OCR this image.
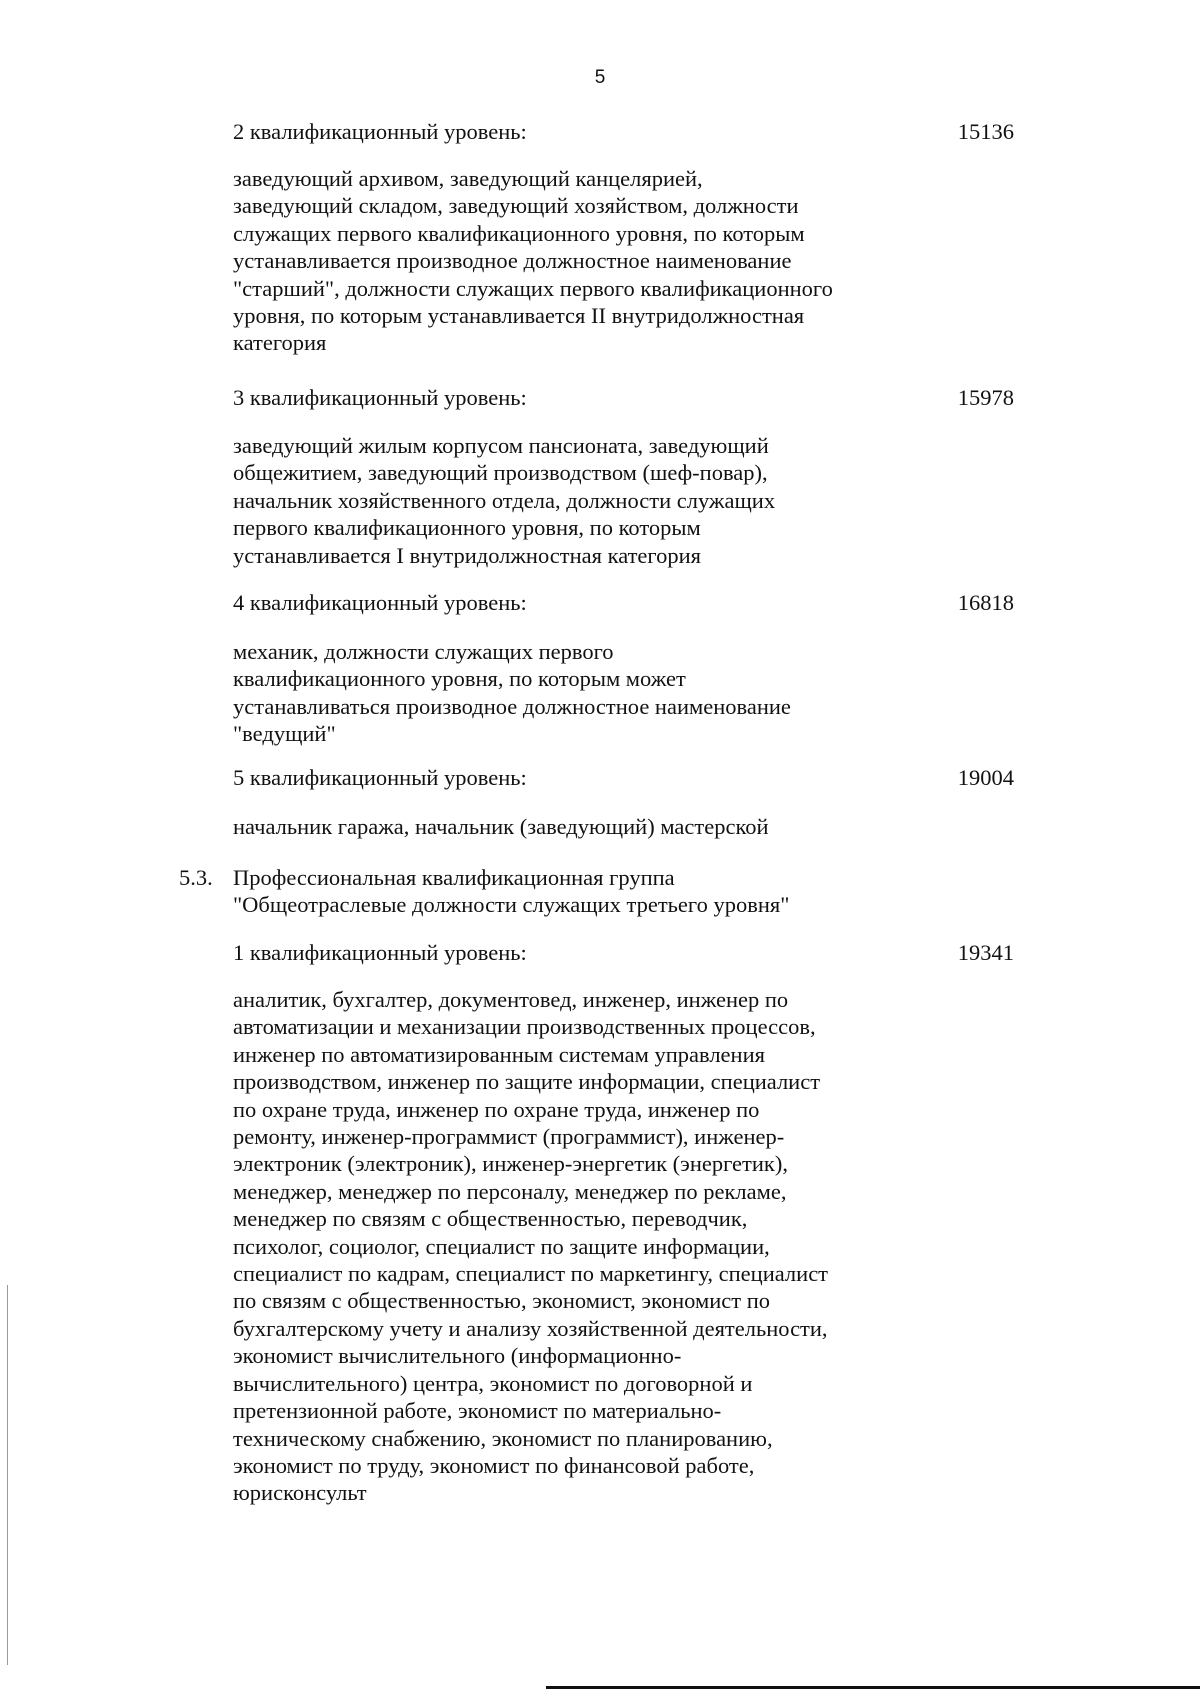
5
2 квалификационный уровень:	15136
заведующий архивом, заведующий канцелярией,
заведующий складом, заведующий хозяйством, должности
служащих первого квалификационного уровня, по которым
устанавливается производное должностное наименование
"старший", должности служащих первого квалификационного
уровня, по которым устанавливается II внутридолжностная
категория
3 квалификационный уровень:	15978
заведующий жилым корпусом пансионата, заведующий
общежитием, заведующий производством (шеф-повар),
начальник хозяйственного отдела, должности служащих
первого квалификационного уровня, по которым
устанавливается I внутридолжностная категория
4 квалификационный уровень:	16818
механик, должности служащих первого
квалификационного уровня, по которым может
устанавливаться производное должностное наименование
"ведущий"
5 квалификационный уровень:	19004
начальник гаража, начальник (заведующий) мастерской
5.3. Профессиональная квалификационная группа
"Общеотраслевые должности служащих третьего уровня"
1 квалификационный уровень:	19341
аналитик, бухгалтер, документовед, инженер, инженер по
автоматизации и механизации производственных процессов,
инженер по автоматизированным системам управления
производством, инженер по защите информации, специалист
по охране труда, инженер по охране труда, инженер по
ремонту, инженер-программист (программист), инженер-
электроник (электроник), инженер-энергетик (энергетик),
менеджер, менеджер по персоналу, менеджер по рекламе,
менеджер по связям с общественностью, переводчик,
психолог, социолог, специалист по защите информации,
специалист по кадрам, специалист по маркетингу, специалист
по связям с общественностью, экономист, экономист по
бухгалтерскому учету и анализу хозяйственной деятельности,
экономист вычислительного (информационно-
вычислительного) центра, экономист по договорной и
претензионной работе, экономист по материально-
техническому снабжению, экономист по планированию,
экономист по труду, экономист по финансовой работе,
юрисконсульт
